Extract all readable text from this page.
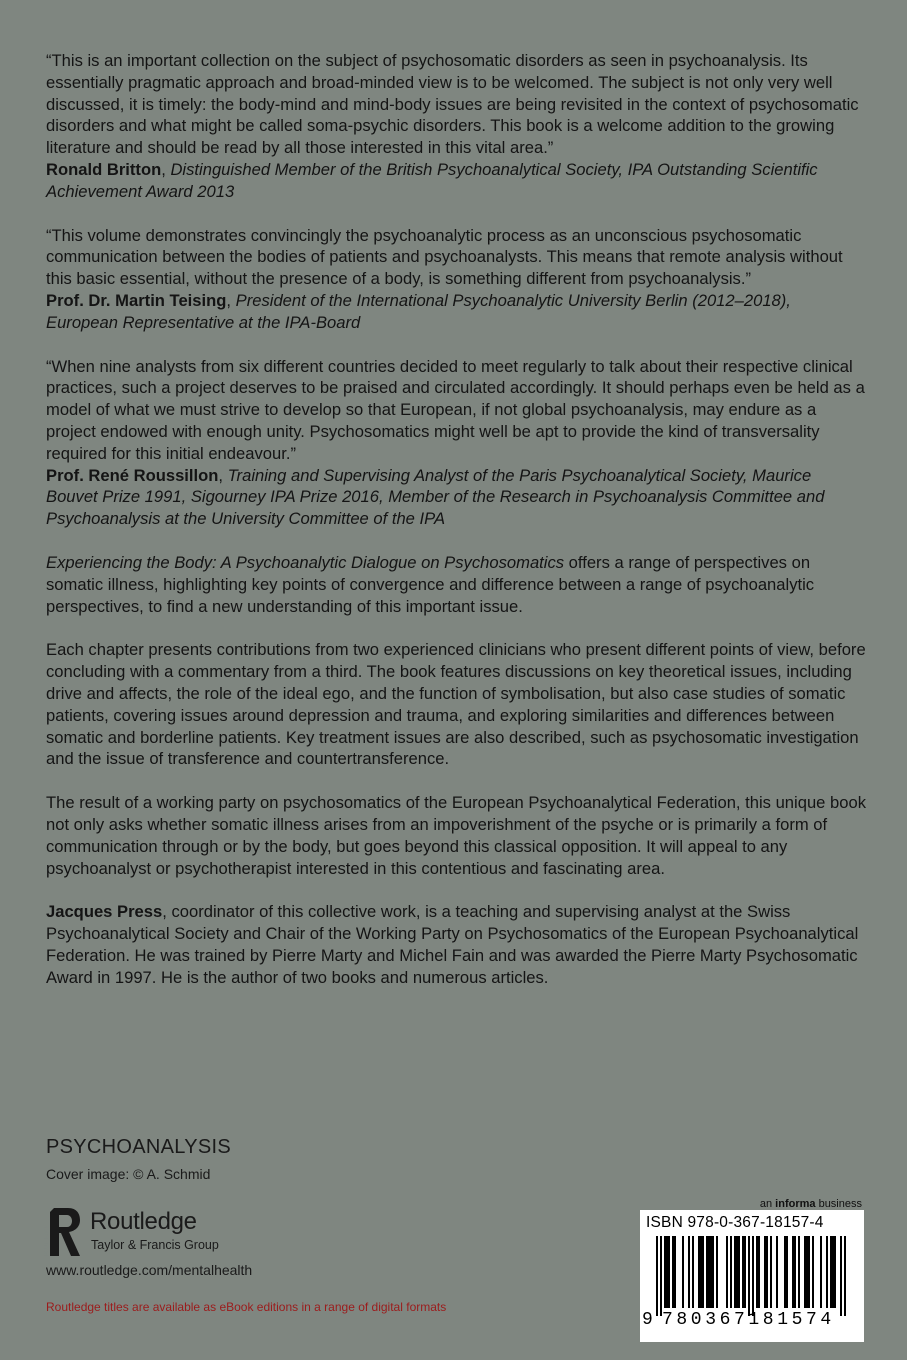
“This is an important collection on the subject of psychosomatic disorders as seen in psychoanalysis. Its essentially pragmatic approach and broad-minded view is to be welcomed. The subject is not only very well discussed, it is timely: the body-mind and mind-body issues are being revisited in the context of psychosomatic disorders and what might be called soma-psychic disorders. This book is a welcome addition to the growing literature and should be read by all those interested in this vital area.”

Ronald Britton, Distinguished Member of the British Psychoanalytical Society, IPA Outstanding Scientific Achievement Award 2013

“This volume demonstrates convincingly the psychoanalytic process as an unconscious psychosomatic communication between the bodies of patients and psychoanalysts. This means that remote analysis without this basic essential, without the presence of a body, is something different from psychoanalysis.”

Prof. Dr. Martin Teising, President of the International Psychoanalytic University Berlin (2012–2018), European Representative at the IPA-Board

“When nine analysts from six different countries decided to meet regularly to talk about their respective clinical practices, such a project deserves to be praised and circulated accordingly. It should perhaps even be held as a model of what we must strive to develop so that European, if not global psychoanalysis, may endure as a project endowed with enough unity. Psychosomatics might well be apt to provide the kind of transversality required for this initial endeavour.”

Prof. René Roussillon, Training and Supervising Analyst of the Paris Psychoanalytical Society, Maurice Bouvet Prize 1991, Sigourney IPA Prize 2016, Member of the Research in Psychoanalysis Committee and Psychoanalysis at the University Committee of the IPA

Experiencing the Body: A Psychoanalytic Dialogue on Psychosomatics offers a range of perspectives on somatic illness, highlighting key points of convergence and difference between a range of psychoanalytic perspectives, to find a new understanding of this important issue.

Each chapter presents contributions from two experienced clinicians who present different points of view, before concluding with a commentary from a third. The book features discussions on key theoretical issues, including drive and affects, the role of the ideal ego, and the function of symbolisation, but also case studies of somatic patients, covering issues around depression and trauma, and exploring similarities and differences between somatic and borderline patients. Key treatment issues are also described, such as psychosomatic investigation and the issue of transference and countertransference.

The result of a working party on psychosomatics of the European Psychoanalytical Federation, this unique book not only asks whether somatic illness arises from an impoverishment of the psyche or is primarily a form of communication through or by the body, but goes beyond this classical opposition. It will appeal to any psychoanalyst or psychotherapist interested in this contentious and fascinating area.

Jacques Press, coordinator of this collective work, is a teaching and supervising analyst at the Swiss Psychoanalytical Society and Chair of the Working Party on Psychosomatics of the European Psychoanalytical Federation. He was trained by Pierre Marty and Michel Fain and was awarded the Pierre Marty Psychosomatic Award in 1997. He is the author of two books and numerous articles.

PSYCHOANALYSIS
Cover image: © A. Schmid
ROUTLEDGE
Routledge
Taylor & Francis Group
www.routledge.com/mentalhealth
Routledge titles are available as eBook editions in a range of digital formats
an informa business
ISBN 978-0-367-18157-4
9 780367181574
